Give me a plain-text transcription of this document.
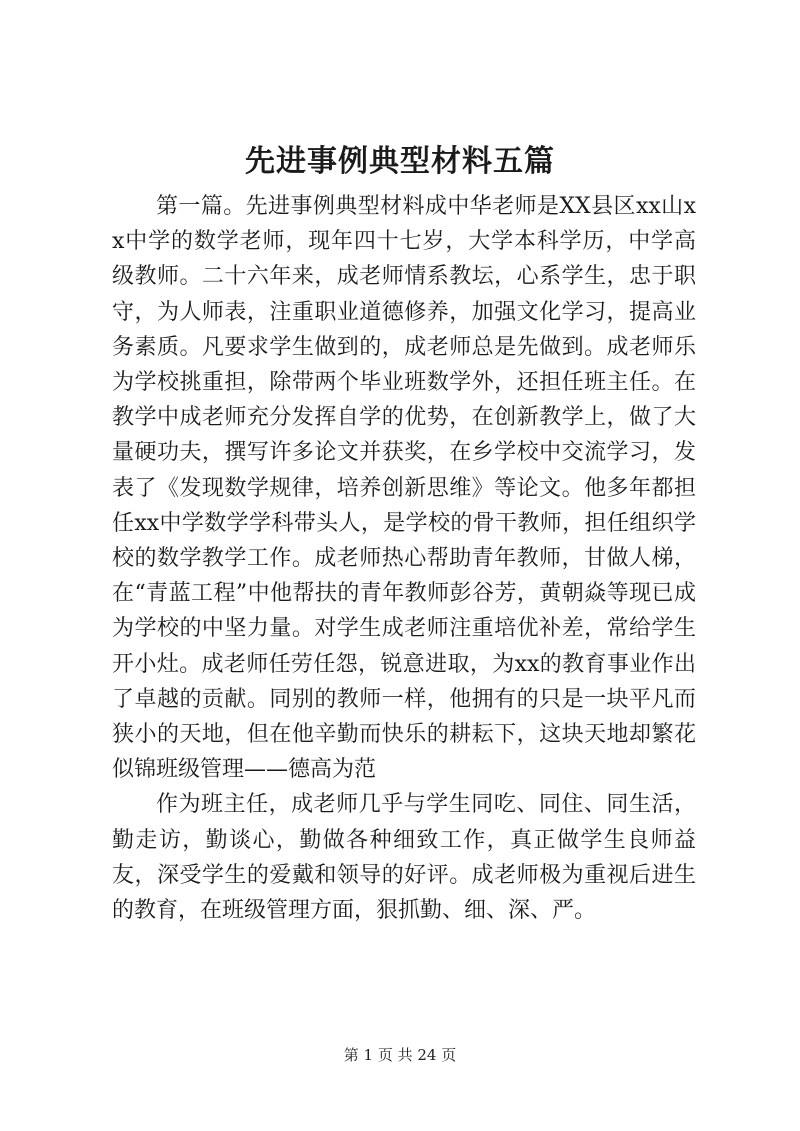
先进事例典型材料五篇

第一篇。先进事例典型材料成中华老师是XX县区xx山xx中学的数学老师，现年四十七岁，大学本科学历，中学高级教师。二十六年来，成老师情系教坛，心系学生，忠于职守，为人师表，注重职业道德修养，加强文化学习，提高业务素质。凡要求学生做到的，成老师总是先做到。成老师乐为学校挑重担，除带两个毕业班数学外，还担任班主任。在教学中成老师充分发挥自学的优势，在创新教学上，做了大量硬功夫，撰写许多论文并获奖，在乡学校中交流学习，发表了《发现数学规律，培养创新思维》等论文。他多年都担任xx中学数学学科带头人，是学校的骨干教师，担任组织学校的数学教学工作。成老师热心帮助青年教师，甘做人梯，在“青蓝工程”中他帮扶的青年教师彭谷芳，黄朝焱等现已成为学校的中坚力量。对学生成老师注重培优补差，常给学生开小灶。成老师任劳任怨，锐意进取，为xx的教育事业作出了卓越的贡献。同别的教师一样，他拥有的只是一块平凡而狭小的天地，但在他辛勤而快乐的耕耘下，这块天地却繁花似锦班级管理——德高为范

作为班主任，成老师几乎与学生同吃、同住、同生活，勤走访，勤谈心，勤做各种细致工作，真正做学生良师益友，深受学生的爱戴和领导的好评。成老师极为重视后进生的教育，在班级管理方面，狠抓勤、细、深、严。

第 1 页 共 24 页
